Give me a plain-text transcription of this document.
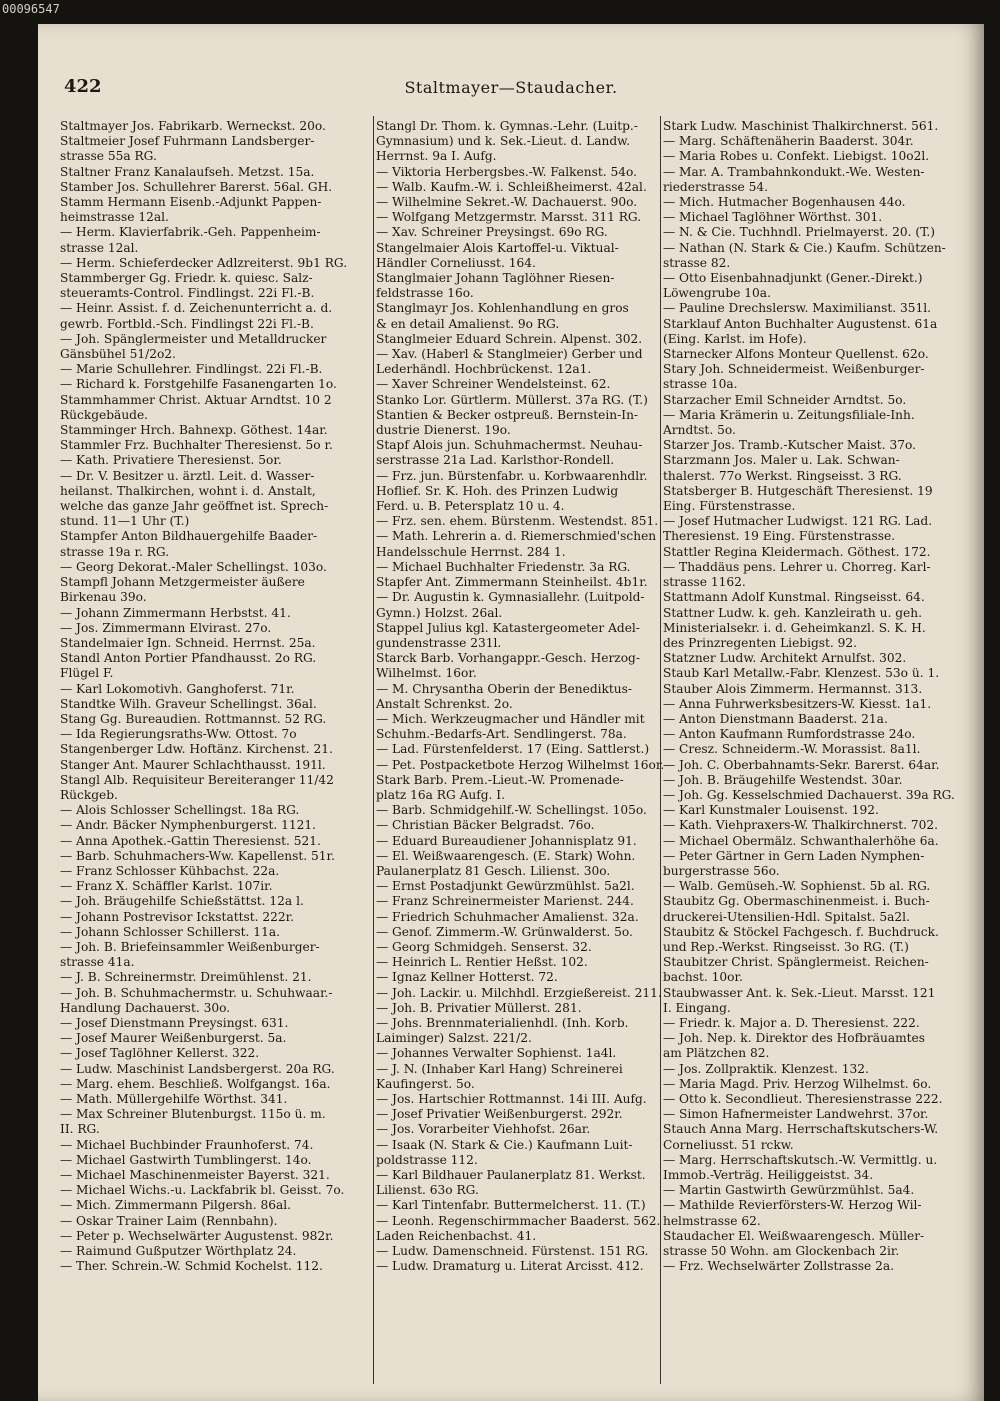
00096547
422	Staltmayer—Staudacher.
Staltmayer Jos. Fabrikarb. Werneckst. 20o.
Staltmeier Josef Fuhrmann Landsberger-
strasse 55a RG.
Staltner Franz Kanalaufseh. Metzst. 15a.
Stamber Jos. Schullehrer Barerst. 56al. GH.
Stamm Hermann Eisenb.-Adjunkt Pappen-
heimstrasse 12al.
— Herm. Klavierfabrik.-Geh. Pappenheim-
strasse 12al.
— Herm. Schieferdecker Adlzreiterst. 9b1 RG.
Stammberger Gg. Friedr. k. quiesc. Salz-
steueramts-Control. Findlingst. 22i Fl.-B.
— Heinr. Assist. f. d. Zeichenunterricht a. d.
gewrb. Fortbld.-Sch. Findlingst 22i Fl.-B.
— Joh. Spänglermeister und Metalldrucker
Gänsbühel 51/2o2.
— Marie Schullehrer. Findlingst. 22i Fl.-B.
— Richard k. Forstgehilfe Fasanengarten 1o.
Stammhammer Christ. Aktuar Arndtst. 10 2
Rückgebäude.
Stamminger Hrch. Bahnexp. Göthest. 14ar.
Stammler Frz. Buchhalter Theresienst. 5o r.
— Kath. Privatiere Theresienst. 5or.
— Dr. V. Besitzer u. ärztl. Leit. d. Wasser-
heilanst. Thalkirchen, wohnt i. d. Anstalt,
welche das ganze Jahr geöffnet ist. Sprech-
stund. 11—1 Uhr (T.)
Stampfer Anton Bildhauergehilfe Baader-
strasse 19a r. RG.
— Georg Dekorat.-Maler Schellingst. 103o.
Stampfl Johann Metzgermeister äußere
Birkenau 39o.
— Johann Zimmermann Herbstst. 41.
— Jos. Zimmermann Elvirast. 27o.
Standelmaier Ign. Schneid. Herrnst. 25a.
Standl Anton Portier Pfandhausst. 2o RG.
Flügel F.
— Karl Lokomotivh. Ganghoferst. 71r.
Standtke Wilh. Graveur Schellingst. 36al.
Stang Gg. Bureaudien. Rottmannst. 52 RG.
— Ida Regierungsraths-Ww. Ottost. 7o
Stangenberger Ldw. Hoftänz. Kirchenst. 21.
Stanger Ant. Maurer Schlachthausst. 191l.
Stangl Alb. Requisiteur Bereiteranger 11/42
Rückgeb.
— Alois Schlosser Schellingst. 18a RG.
— Andr. Bäcker Nymphenburgerst. 1121.
— Anna Apothek.-Gattin Theresienst. 521.
— Barb. Schuhmachers-Ww. Kapellenst. 51r.
— Franz Schlosser Kühbachst. 22a.
— Franz X. Schäffler Karlst. 107ir.
— Joh. Bräugehilfe Schießstättst. 12a l.
— Johann Postrevisor Ickstattst. 222r.
— Johann Schlosser Schillerst. 11a.
— Joh. B. Briefeinsammler Weißenburger-
strasse 41a.
— J. B. Schreinermstr. Dreimühlenst. 21.
— Joh. B. Schuhmachermstr. u. Schuhwaar.-
Handlung Dachauerst. 30o.
— Josef Dienstmann Preysingst. 631.
— Josef Maurer Weißenburgerst. 5a.
— Josef Taglöhner Kellerst. 322.
— Ludw. Maschinist Landsbergerst. 20a RG.
— Marg. ehem. Beschließ. Wolfgangst. 16a.
— Math. Müllergehilfe Wörthst. 341.
— Max Schreiner Blutenburgst. 115o ü. m.
II. RG.
— Michael Buchbinder Fraunhoferst. 74.
— Michael Gastwirth Tumblingerst. 14o.
— Michael Maschinenmeister Bayerst. 321.
— Michael Wichs.-u. Lackfabrik bl. Geisst. 7o.
— Mich. Zimmermann Pilgersh. 86al.
— Oskar Trainer Laim (Rennbahn).
— Peter p. Wechselwärter Augustenst. 982r.
— Raimund Gußputzer Wörthplatz 24.
— Ther. Schrein.-W. Schmid Kochelst. 112.
Stangl Dr. Thom. k. Gymnas.-Lehr. (Luitp.-
Gymnasium) und k. Sek.-Lieut. d. Landw.
Herrnst. 9a I. Aufg.
— Viktoria Herbergsbes.-W. Falkenst. 54o.
— Walb. Kaufm.-W. i. Schleißheimerst. 42al.
— Wilhelmine Sekret.-W. Dachauerst. 90o.
— Wolfgang Metzgermstr. Marsst. 311 RG.
— Xav. Schreiner Preysingst. 69o RG.
Stangelmaier Alois Kartoffel-u. Viktual-
Händler Corneliusst. 164.
Stanglmaier Johann Taglöhner Riesen-
feldstrasse 16o.
Stanglmayr Jos. Kohlenhandlung en gros
& en detail Amalienst. 9o RG.
Stanglmeier Eduard Schrein. Alpenst. 302.
— Xav. (Haberl & Stanglmeier) Gerber und
Lederhändl. Hochbrückenst. 12a1.
— Xaver Schreiner Wendelsteinst. 62.
Stanko Lor. Gürtlerm. Müllerst. 37a RG. (T.)
Stantien & Becker ostpreuß. Bernstein-In-
dustrie Dienerst. 19o.
Stapf Alois jun. Schuhmachermst. Neuhau-
serstrasse 21a Lad. Karlsthor-Rondell.
— Frz. jun. Bürstenfabr. u. Korbwaarenhdlr.
Hoflief. Sr. K. Hoh. des Prinzen Ludwig
Ferd. u. B. Petersplatz 10 u. 4.
— Frz. sen. ehem. Bürstenm. Westendst. 851.
— Math. Lehrerin a. d. Riemerschmied'schen
Handelsschule Herrnst. 284 1.
— Michael Buchhalter Friedenstr. 3a RG.
Stapfer Ant. Zimmermann Steinheilst. 4b1r.
— Dr. Augustin k. Gymnasiallehr. (Luitpold-
Gymn.) Holzst. 26al.
Stappel Julius kgl. Katastergeometer Adel-
gundenstrasse 231l.
Starck Barb. Vorhangappr.-Gesch. Herzog-
Wilhelmst. 16or.
— M. Chrysantha Oberin der Benediktus-
Anstalt Schrenkst. 2o.
— Mich. Werkzeugmacher und Händler mit
Schuhm.-Bedarfs-Art. Sendlingerst. 78a.
— Lad. Fürstenfelderst. 17 (Eing. Sattlerst.)
— Pet. Postpacketbote Herzog Wilhelmst 16or.
Stark Barb. Prem.-Lieut.-W. Promenade-
platz 16a RG Aufg. I.
— Barb. Schmidgehilf.-W. Schellingst. 105o.
— Christian Bäcker Belgradst. 76o.
— Eduard Bureaudiener Johannisplatz 91.
— El. Weißwaarengesch. (E. Stark) Wohn.
Paulanerplatz 81 Gesch. Lilienst. 30o.
— Ernst Postadjunkt Gewürzmühlst. 5a2l.
— Franz Schreinermeister Marienst. 244.
— Friedrich Schuhmacher Amalienst. 32a.
— Genof. Zimmerm.-W. Grünwalderst. 5o.
— Georg Schmidgeh. Senserst. 32.
— Heinrich L. Rentier Heßst. 102.
— Ignaz Kellner Hotterst. 72.
— Joh. Lackir. u. Milchhdl. Erzgießereist. 211.
— Joh. B. Privatier Müllerst. 281.
— Johs. Brennmaterialienhdl. (Inh. Korb.
Laiminger) Salzst. 221/2.
— Johannes Verwalter Sophienst. 1a4l.
— J. N. (Inhaber Karl Hang) Schreinerei
Kaufingerst. 5o.
— Jos. Hartschier Rottmannst. 14i III. Aufg.
— Josef Privatier Weißenburgerst. 292r.
— Jos. Vorarbeiter Viehhofst. 26ar.
— Isaak (N. Stark & Cie.) Kaufmann Luit-
poldstrasse 112.
— Karl Bildhauer Paulanerplatz 81. Werkst.
Lilienst. 63o RG.
— Karl Tintenfabr. Buttermelcherst. 11. (T.)
— Leonh. Regenschirmmacher Baaderst. 562.
Laden Reichenbachst. 41.
— Ludw. Damenschneid. Fürstenst. 151 RG.
— Ludw. Dramaturg u. Literat Arcisst. 412.
Stark Ludw. Maschinist Thalkirchnerst. 561.
— Marg. Schäftenäherin Baaderst. 304r.
— Maria Robes u. Confekt. Liebigst. 10o2l.
— Mar. A. Trambahnkondukt.-We. Westen-
riederstrasse 54.
— Mich. Hutmacher Bogenhausen 44o.
— Michael Taglöhner Wörthst. 301.
— N. & Cie. Tuchhndl. Prielmayerst. 20. (T.)
— Nathan (N. Stark & Cie.) Kaufm. Schützen-
strasse 82.
— Otto Eisenbahnadjunkt (Gener.-Direkt.)
Löwengrube 10a.
— Pauline Drechslersw. Maximilianst. 351l.
Starklauf Anton Buchhalter Augustenst. 61a
(Eing. Karlst. im Hofe).
Starnecker Alfons Monteur Quellenst. 62o.
Stary Joh. Schneidermeist. Weißenburger-
strasse 10a.
Starzacher Emil Schneider Arndtst. 5o.
— Maria Krämerin u. Zeitungsfiliale-Inh.
Arndtst. 5o.
Starzer Jos. Tramb.-Kutscher Maist. 37o.
Starzmann Jos. Maler u. Lak. Schwan-
thalerst. 77o Werkst. Ringseisst. 3 RG.
Statsberger B. Hutgeschäft Theresienst. 19
Eing. Fürstenstrasse.
— Josef Hutmacher Ludwigst. 121 RG. Lad.
Theresienst. 19 Eing. Fürstenstrasse.
Stattler Regina Kleidermach. Göthest. 172.
— Thaddäus pens. Lehrer u. Chorreg. Karl-
strasse 1162.
Stattmann Adolf Kunstmal. Ringseisst. 64.
Stattner Ludw. k. geh. Kanzleirath u. geh.
Ministerialsekr. i. d. Geheimkanzl. S. K. H.
des Prinzregenten Liebigst. 92.
Statzner Ludw. Architekt Arnulfst. 302.
Staub Karl Metallw.-Fabr. Klenzest. 53o ü. 1.
Stauber Alois Zimmerm. Hermannst. 313.
— Anna Fuhrwerksbesitzers-W. Kiesst. 1a1.
— Anton Dienstmann Baaderst. 21a.
— Anton Kaufmann Rumfordstrasse 24o.
— Cresz. Schneiderm.-W. Morassist. 8a1l.
— Joh. C. Oberbahnamts-Sekr. Barerst. 64ar.
— Joh. B. Bräugehilfe Westendst. 30ar.
— Joh. Gg. Kesselschmied Dachauerst. 39a RG.
— Karl Kunstmaler Louisenst. 192.
— Kath. Viehpraxers-W. Thalkirchnerst. 702.
— Michael Obermälz. Schwanthalerhöhe 6a.
— Peter Gärtner in Gern Laden Nymphen-
burgerstrasse 56o.
— Walb. Gemüseh.-W. Sophienst. 5b al. RG.
Staubitz Gg. Obermaschinenmeist. i. Buch-
druckerei-Utensilien-Hdl. Spitalst. 5a2l.
Staubitz & Stöckel Fachgesch. f. Buchdruck.
und Rep.-Werkst. Ringseisst. 3o RG. (T.)
Staubitzer Christ. Spänglermeist. Reichen-
bachst. 10or.
Staubwasser Ant. k. Sek.-Lieut. Marsst. 121
I. Eingang.
— Friedr. k. Major a. D. Theresienst. 222.
— Joh. Nep. k. Direktor des Hofbräuamtes
am Plätzchen 82.
— Jos. Zollpraktik. Klenzest. 132.
— Maria Magd. Priv. Herzog Wilhelmst. 6o.
— Otto k. Secondlieut. Theresienstrasse 222.
— Simon Hafnermeister Landwehrst. 37or.
Stauch Anna Marg. Herrschaftskutschers-W.
Corneliusst. 51 rckw.
— Marg. Herrschaftskutsch.-W. Vermittlg. u.
Immob.-Verträg. Heiliggeistst. 34.
— Martin Gastwirth Gewürzmühlst. 5a4.
— Mathilde Revierförsters-W. Herzog Wil-
helmstrasse 62.
Staudacher El. Weißwaarengesch. Müller-
strasse 50 Wohn. am Glockenbach 2ir.
— Frz. Wechselwärter Zollstrasse 2a.
